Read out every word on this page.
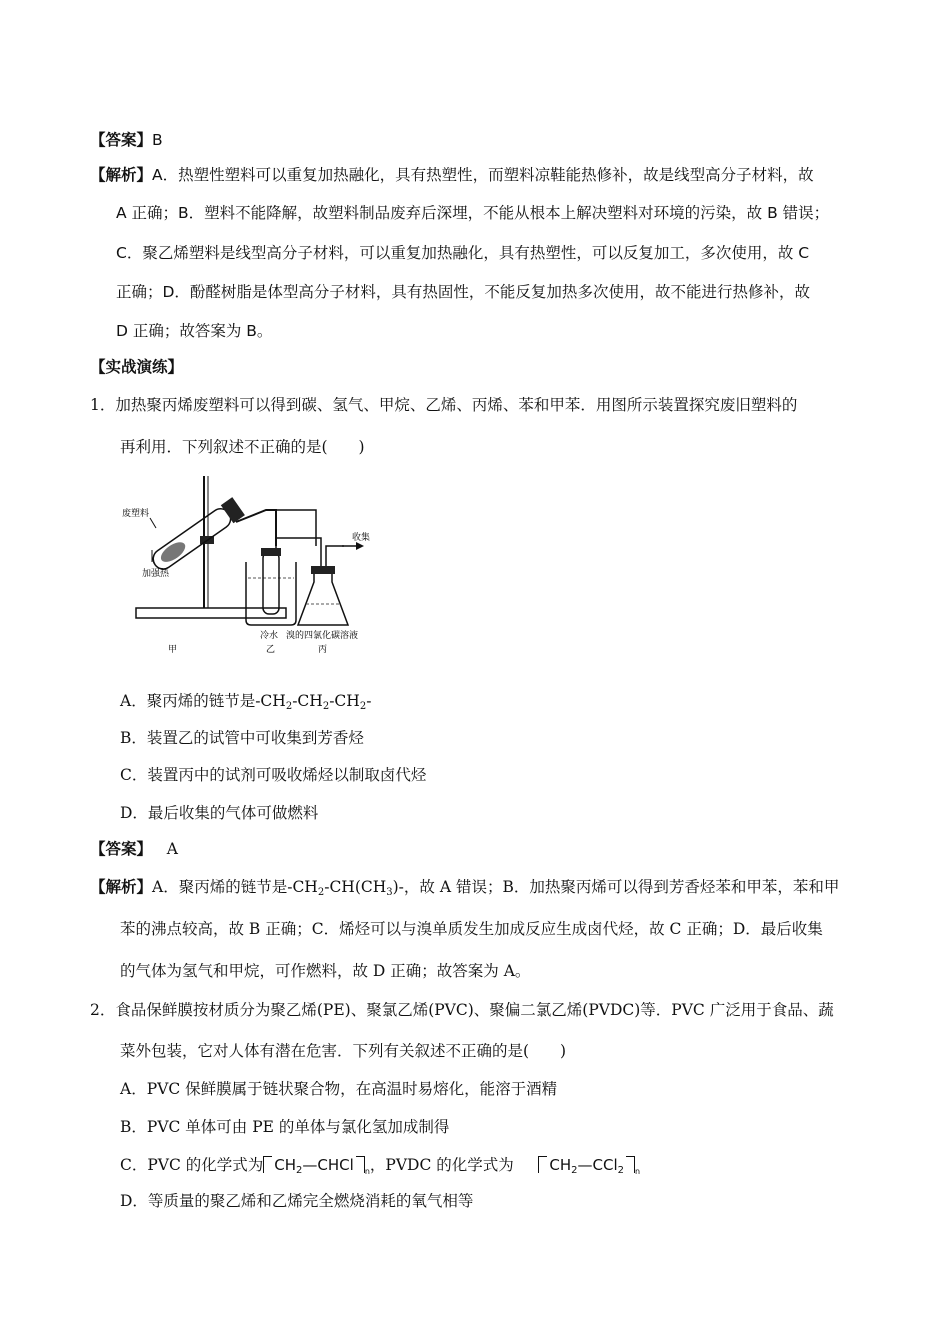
【答案】B
【解析】A．热塑性塑料可以重复加热融化，具有热塑性，而塑料凉鞋能热修补，故是线型高分子材料，故
A 正确；B．塑料不能降解，故塑料制品废弃后深埋，不能从根本上解决塑料对环境的污染，故 B 错误；
C．聚乙烯塑料是线型高分子材料，可以重复加热融化，具有热塑性，可以反复加工，多次使用，故 C
正确；D．酚醛树脂是体型高分子材料，具有热固性，不能反复加热多次使用，故不能进行热修补，故
D 正确；故答案为 B。
【实战演练】
1．加热聚丙烯废塑料可以得到碳、氢气、甲烷、乙烯、丙烯、苯和甲苯．用图所示装置探究废旧塑料的
再利用．下列叙述不正确的是(　　)
废塑料
加强热
收集
冷水 溴的四氯化碳溶液
甲	乙	丙
A．聚丙烯的链节是$-CH_2-CH_2-CH_2-$
B．装置乙的试管中可收集到芳香烃
C．装置丙中的试剂可吸收烯烃以制取卤代烃
D．最后收集的气体可做燃料
【答案】 A
【解析】A．聚丙烯的链节是$-CH_2-CH(CH_3)-$，故 A 错误；B．加热聚丙烯可以得到芳香烃苯和甲苯，苯和甲
苯的沸点较高，故 B 正确；C．烯烃可以与溴单质发生加成反应生成卤代烃，故 C 正确；D．最后收集
的气体为氢气和甲烷，可作燃料，故 D 正确；故答案为 A。
2．食品保鲜膜按材质分为聚乙烯(PE)、聚氯乙烯(PVC)、聚偏二氯乙烯(PVDC)等．PVC 广泛用于食品、蔬
菜外包装，它对人体有潜在危害．下列有关叙述不正确的是(　　)
A．PVC 保鲜膜属于链状聚合物，在高温时易熔化，能溶于酒精
B．PVC 单体可由 PE 的单体与氯化氢加成制得
C．PVC 的化学式为 $CH_2—CHCl$ $_n$，PVDC 的化学式为 $CH_2—CCl_2$ $_n$
D．等质量的聚乙烯和乙烯完全燃烧消耗的氧气相等
